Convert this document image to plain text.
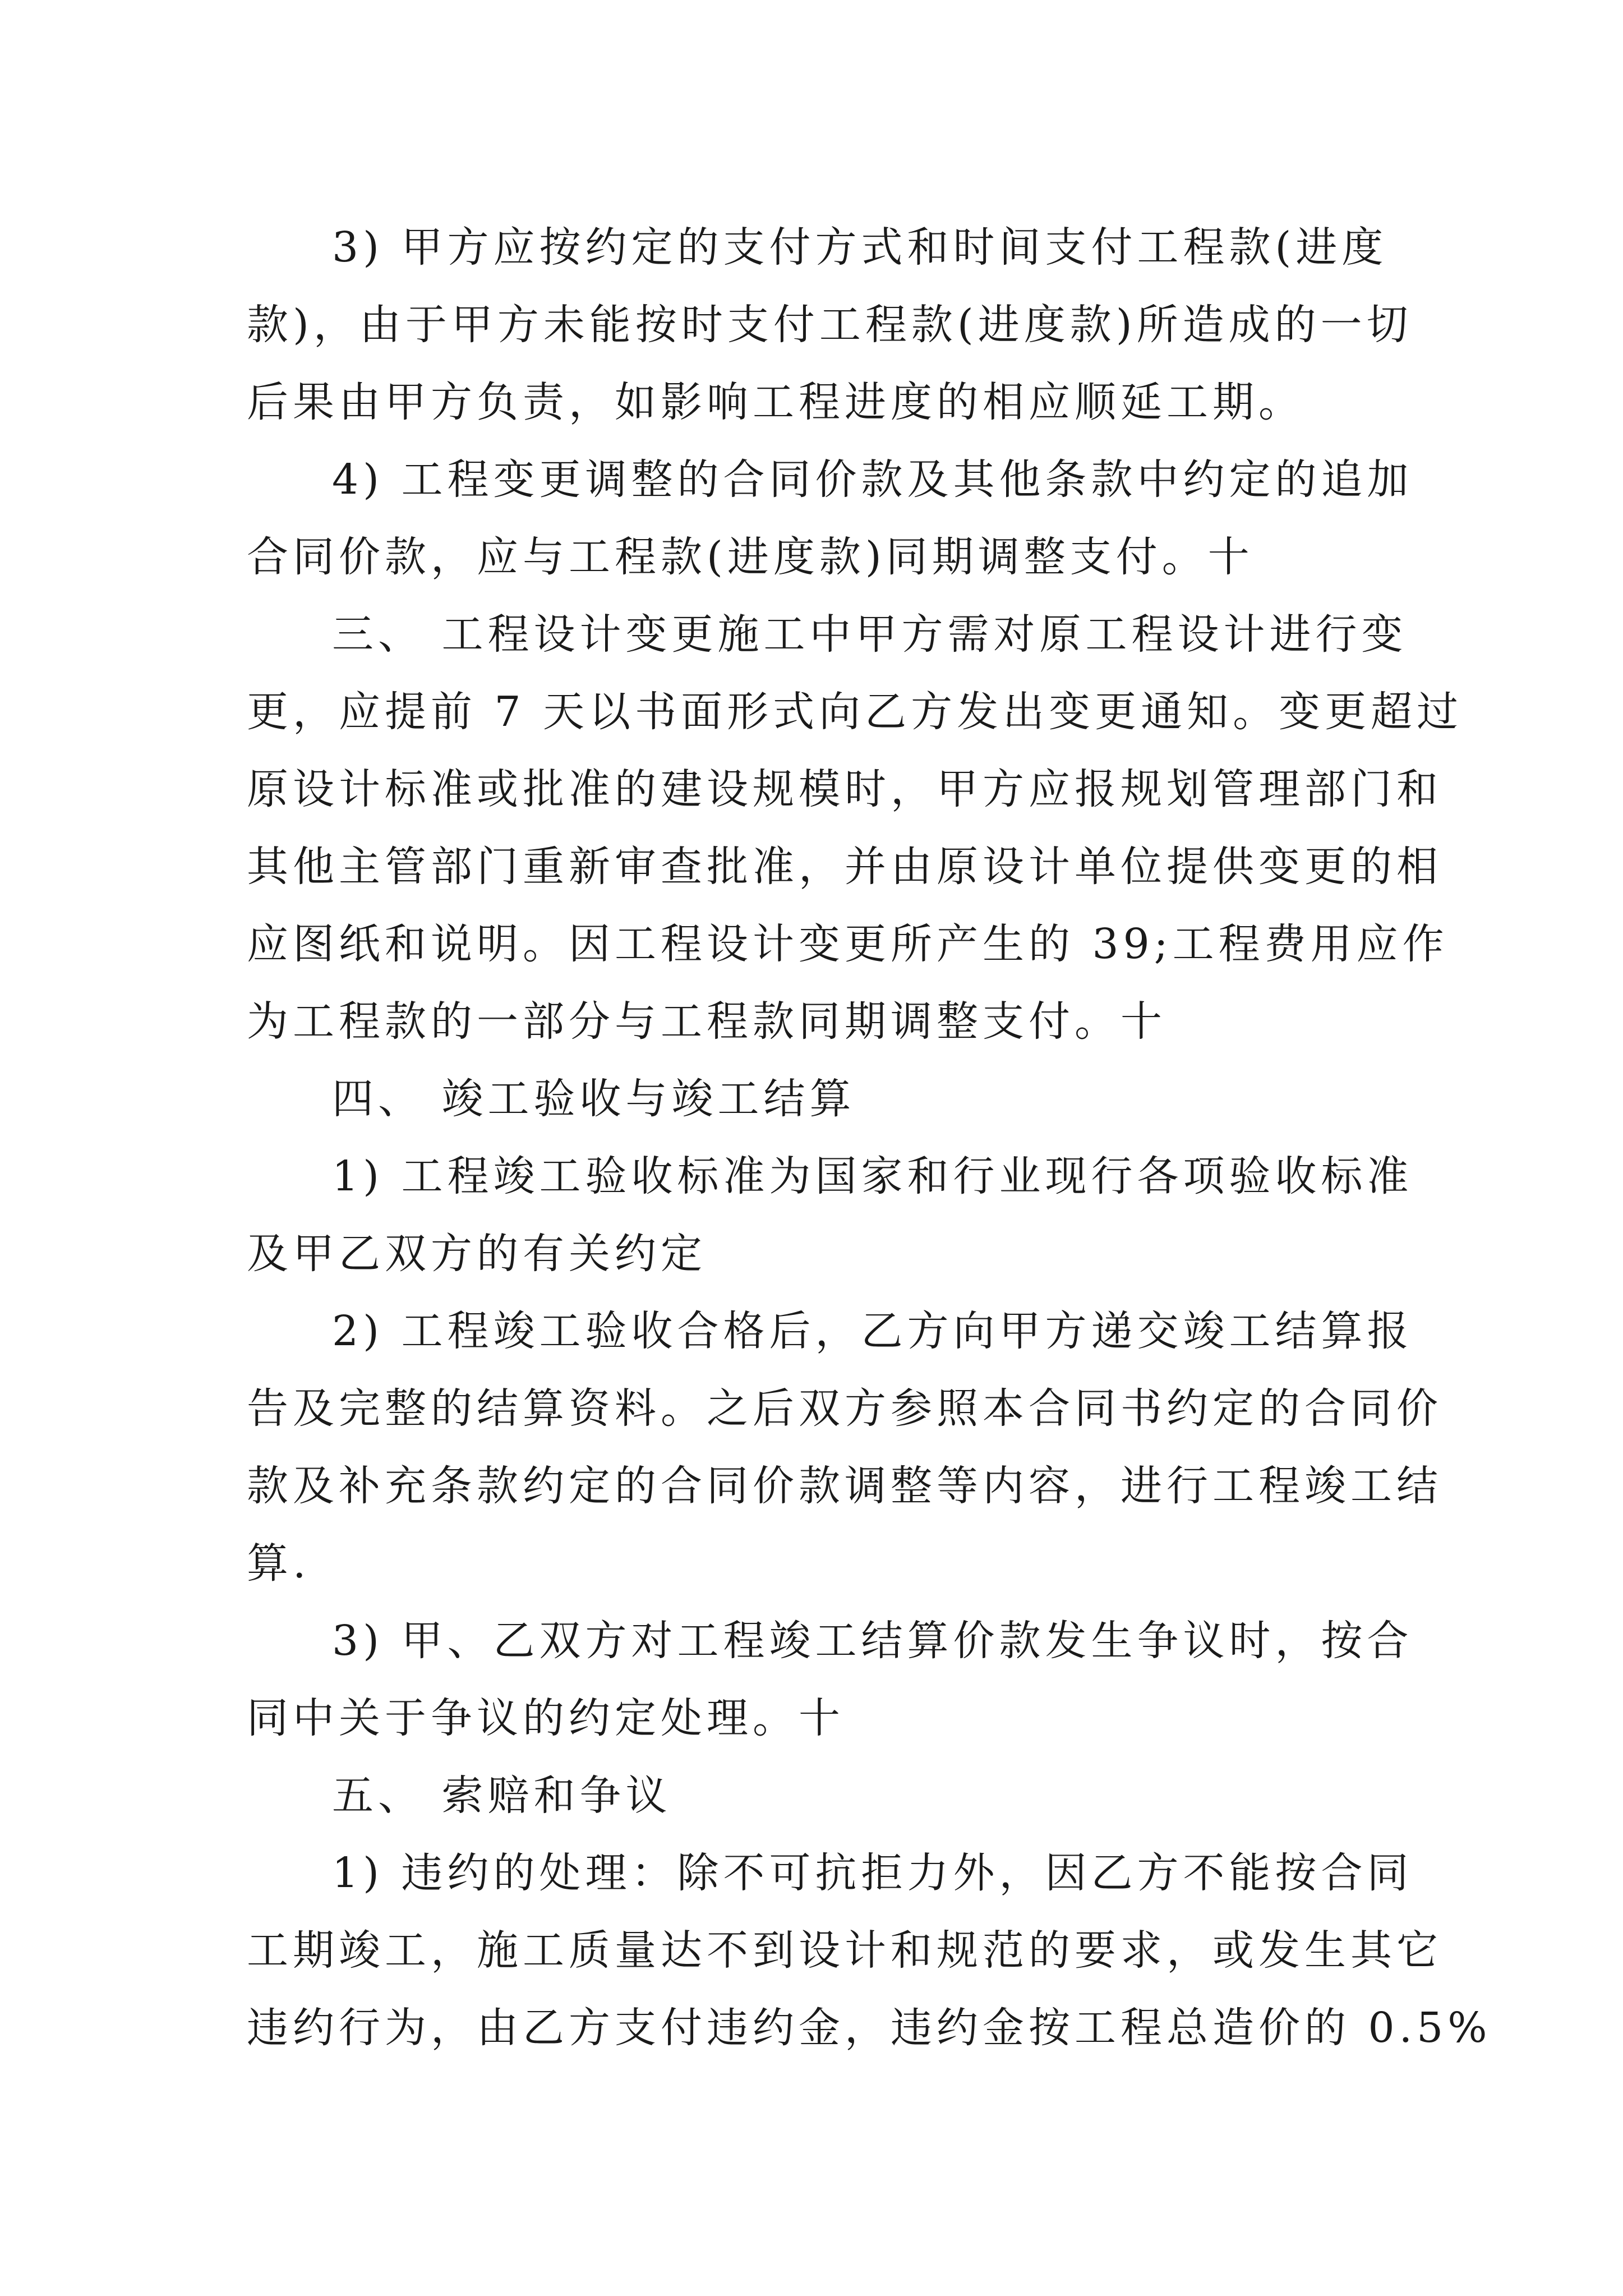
3) 甲方应按约定的支付方式和时间支付工程款(进度
款)，由于甲方未能按时支付工程款(进度款)所造成的一切
后果由甲方负责，如影响工程进度的相应顺延工期。
4) 工程变更调整的合同价款及其他条款中约定的追加
合同价款，应与工程款(进度款)同期调整支付。十
三、 工程设计变更施工中甲方需对原工程设计进行变
更，应提前 7 天以书面形式向乙方发出变更通知。变更超过
原设计标准或批准的建设规模时，甲方应报规划管理部门和
其他主管部门重新审查批准，并由原设计单位提供变更的相
应图纸和说明。因工程设计变更所产生的 39;工程费用应作
为工程款的一部分与工程款同期调整支付。十
四、 竣工验收与竣工结算
1) 工程竣工验收标准为国家和行业现行各项验收标准
及甲乙双方的有关约定
2) 工程竣工验收合格后，乙方向甲方递交竣工结算报
告及完整的结算资料。之后双方参照本合同书约定的合同价
款及补充条款约定的合同价款调整等内容，进行工程竣工结
算.
3) 甲、乙双方对工程竣工结算价款发生争议时，按合
同中关于争议的约定处理。十
五、 索赔和争议
1) 违约的处理：除不可抗拒力外，因乙方不能按合同
工期竣工，施工质量达不到设计和规范的要求，或发生其它
违约行为，由乙方支付违约金，违约金按工程总造价的 0.5%
